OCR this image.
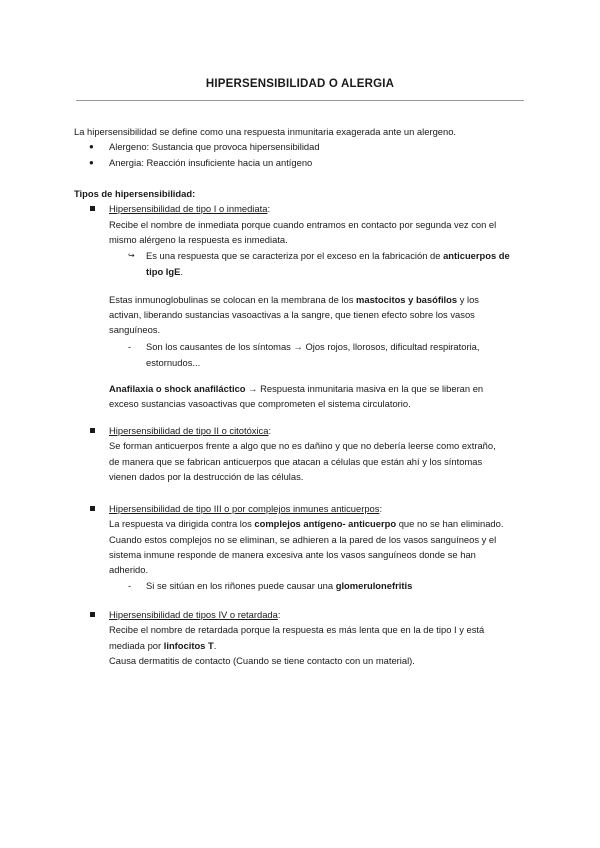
HIPERSENSIBILIDAD O ALERGIA
La hipersensibilidad se define como una respuesta inmunitaria exagerada ante un alergeno.
● Alergeno: Sustancia que provoca hipersensibilidad
● Anergia: Reacción insuficiente hacia un antígeno
Tipos de hipersensibilidad:
Hipersensibilidad de tipo I o inmediata:
Recibe el nombre de inmediata porque cuando entramos en contacto por segunda vez con el
mismo alérgeno la respuesta es inmediata.
↪ Es una respuesta que se caracteriza por el exceso en la fabricación de anticuerpos de
tipo IgE.
Estas inmunoglobulinas se colocan en la membrana de los mastocitos y basófilos y los
activan, liberando sustancias vasoactivas a la sangre, que tienen efecto sobre los vasos
sanguíneos.
- Son los causantes de los síntomas → Ojos rojos, llorosos, dificultad respiratoria,
estornudos...
Anafilaxia o shock anafiláctico → Respuesta inmunitaria masiva en la que se liberan en
exceso sustancias vasoactivas que comprometen el sistema circulatorio.
Hipersensibilidad de tipo II o citotóxica:
Se forman anticuerpos frente a algo que no es dañino y que no debería leerse como extraño,
de manera que se fabrican anticuerpos que atacan a células que están ahí y los síntomas
vienen dados por la destrucción de las células.
Hipersensibilidad de tipo III o por complejos inmunes anticuerpos:
La respuesta va dirigida contra los complejos antígeno- anticuerpo que no se han eliminado.
Cuando estos complejos no se eliminan, se adhieren a la pared de los vasos sanguíneos y el
sistema inmune responde de manera excesiva ante los vasos sanguíneos donde se han
adherido.
- Si se sitúan en los riñones puede causar una glomerulonefritis
Hipersensibilidad de tipos IV o retardada:
Recibe el nombre de retardada porque la respuesta es más lenta que en la de tipo I y está
mediada por linfocitos T.
Causa dermatitis de contacto (Cuando se tiene contacto con un material).
